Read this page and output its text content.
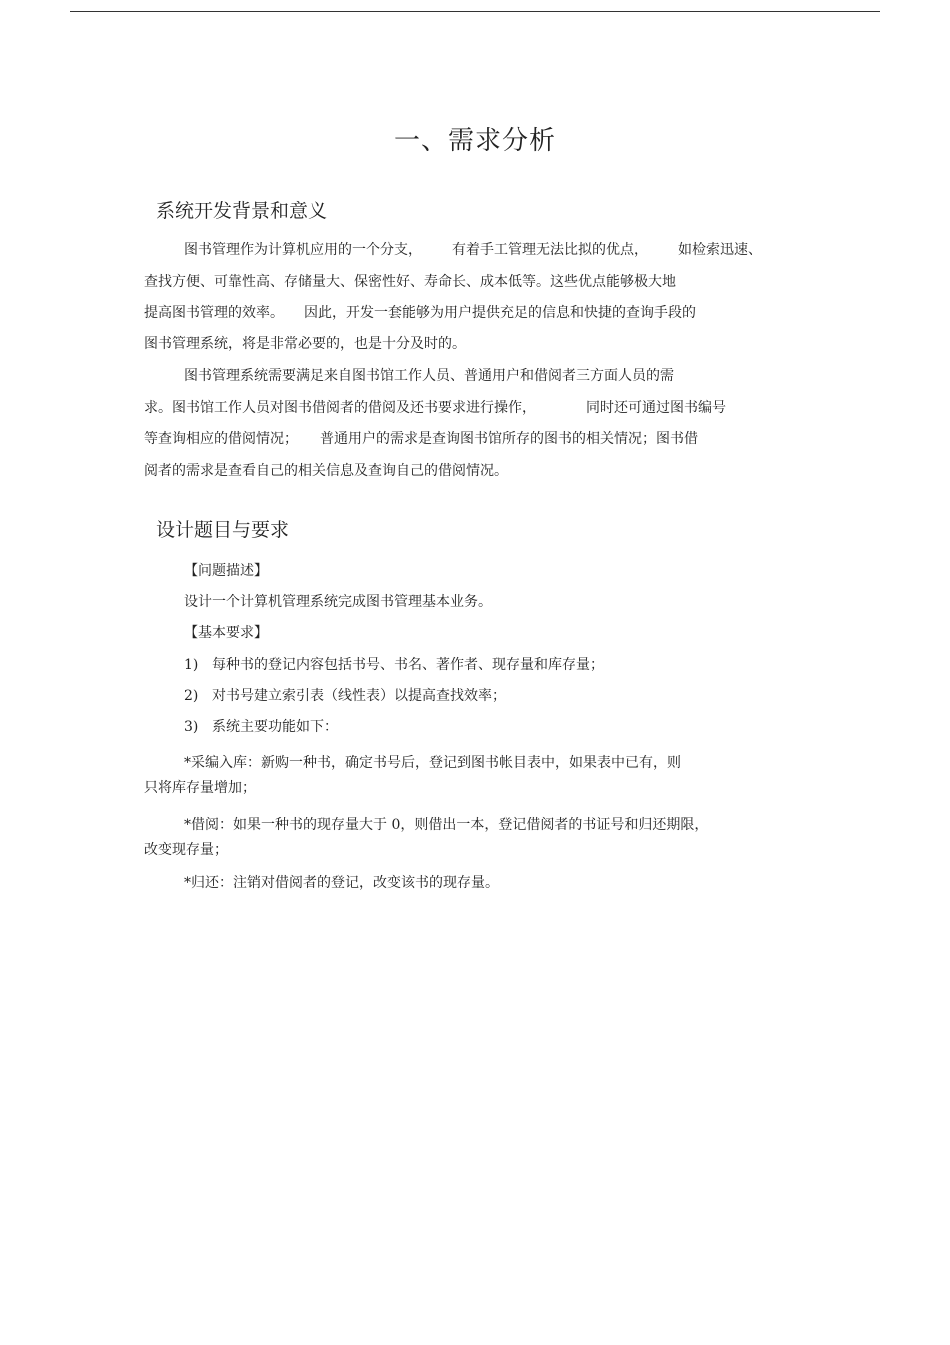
一、需求分析
系统开发背景和意义
图书管理作为计算机应用的一个分支， 有着手工管理无法比拟的优点， 如检索迅速、
查找方便、可靠性高、存储量大、保密性好、寿命长、成本低等。这些优点能够极大地
提高图书管理的效率。 因此，开发一套能够为用户提供充足的信息和快捷的查询手段的
图书管理系统，将是非常必要的，也是十分及时的。
图书管理系统需要满足来自图书馆工作人员、普通用户和借阅者三方面人员的需
求。图书馆工作人员对图书借阅者的借阅及还书要求进行操作，	同时还可通过图书编号
等查询相应的借阅情况； 普通用户的需求是查询图书馆所存的图书的相关情况；图书借
阅者的需求是查看自己的相关信息及查询自己的借阅情况。
设计题目与要求
【问题描述】
设计一个计算机管理系统完成图书管理基本业务。
【基本要求】
1) 每种书的登记内容包括书号、书名、著作者、现存量和库存量；
2) 对书号建立索引表（线性表）以提高查找效率；
3) 系统主要功能如下：
*采编入库：新购一种书，确定书号后，登记到图书帐目表中，如果表中已有，则
只将库存量增加；
*借阅：如果一种书的现存量大于 0，则借出一本，登记借阅者的书证号和归还期限，
改变现存量；
*归还：注销对借阅者的登记，改变该书的现存量。
